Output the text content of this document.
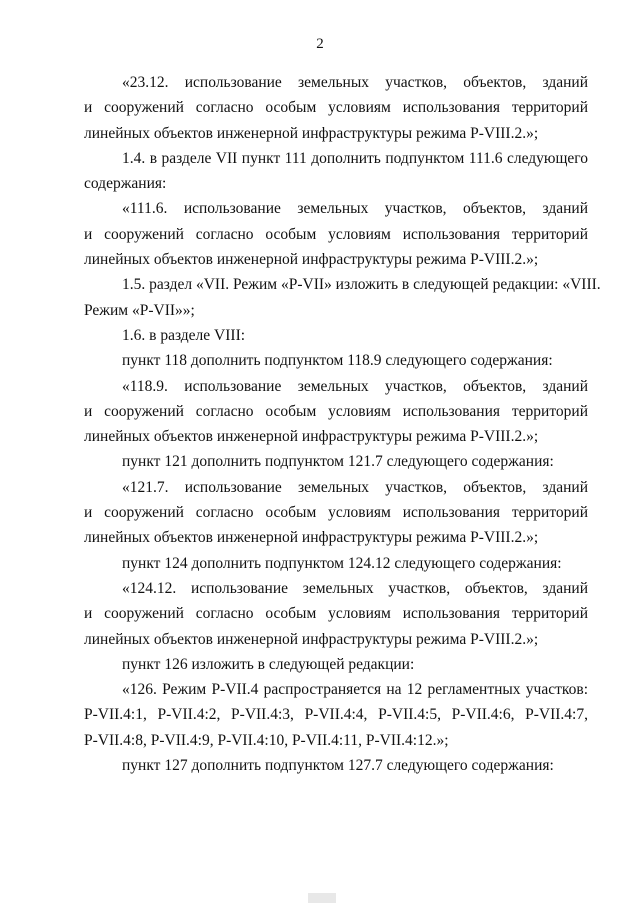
2
«23.12. использование земельных участков, объектов, зданий
и сооружений согласно особым условиям использования территорий
линейных объектов инженерной инфраструктуры режима Р-VIII.2.»;
1.4. в разделе VII пункт 111 дополнить подпунктом 111.6 следующего
содержания:
«111.6. использование земельных участков, объектов, зданий
и сооружений согласно особым условиям использования территорий
линейных объектов инженерной инфраструктуры режима Р-VIII.2.»;
1.5. раздел «VII. Режим «Р-VII» изложить в следующей редакции: «VIII.
Режим «Р-VII»»;
1.6. в разделе VIII:
пункт 118 дополнить подпунктом 118.9 следующего содержания:
«118.9. использование земельных участков, объектов, зданий
и сооружений согласно особым условиям использования территорий
линейных объектов инженерной инфраструктуры режима Р-VIII.2.»;
пункт 121 дополнить подпунктом 121.7 следующего содержания:
«121.7. использование земельных участков, объектов, зданий
и сооружений согласно особым условиям использования территорий
линейных объектов инженерной инфраструктуры режима Р-VIII.2.»;
пункт 124 дополнить подпунктом 124.12 следующего содержания:
«124.12. использование земельных участков, объектов, зданий
и сооружений согласно особым условиям использования территорий
линейных объектов инженерной инфраструктуры режима Р-VIII.2.»;
пункт 126 изложить в следующей редакции:
«126. Режим Р-VII.4 распространяется на 12 регламентных участков:
Р-VII.4:1, Р-VII.4:2, Р-VII.4:3, Р-VII.4:4, Р-VII.4:5, Р-VII.4:6, Р-VII.4:7,
Р-VII.4:8, Р-VII.4:9, Р-VII.4:10, Р-VII.4:11, Р-VII.4:12.»;
пункт 127 дополнить подпунктом 127.7 следующего содержания:
